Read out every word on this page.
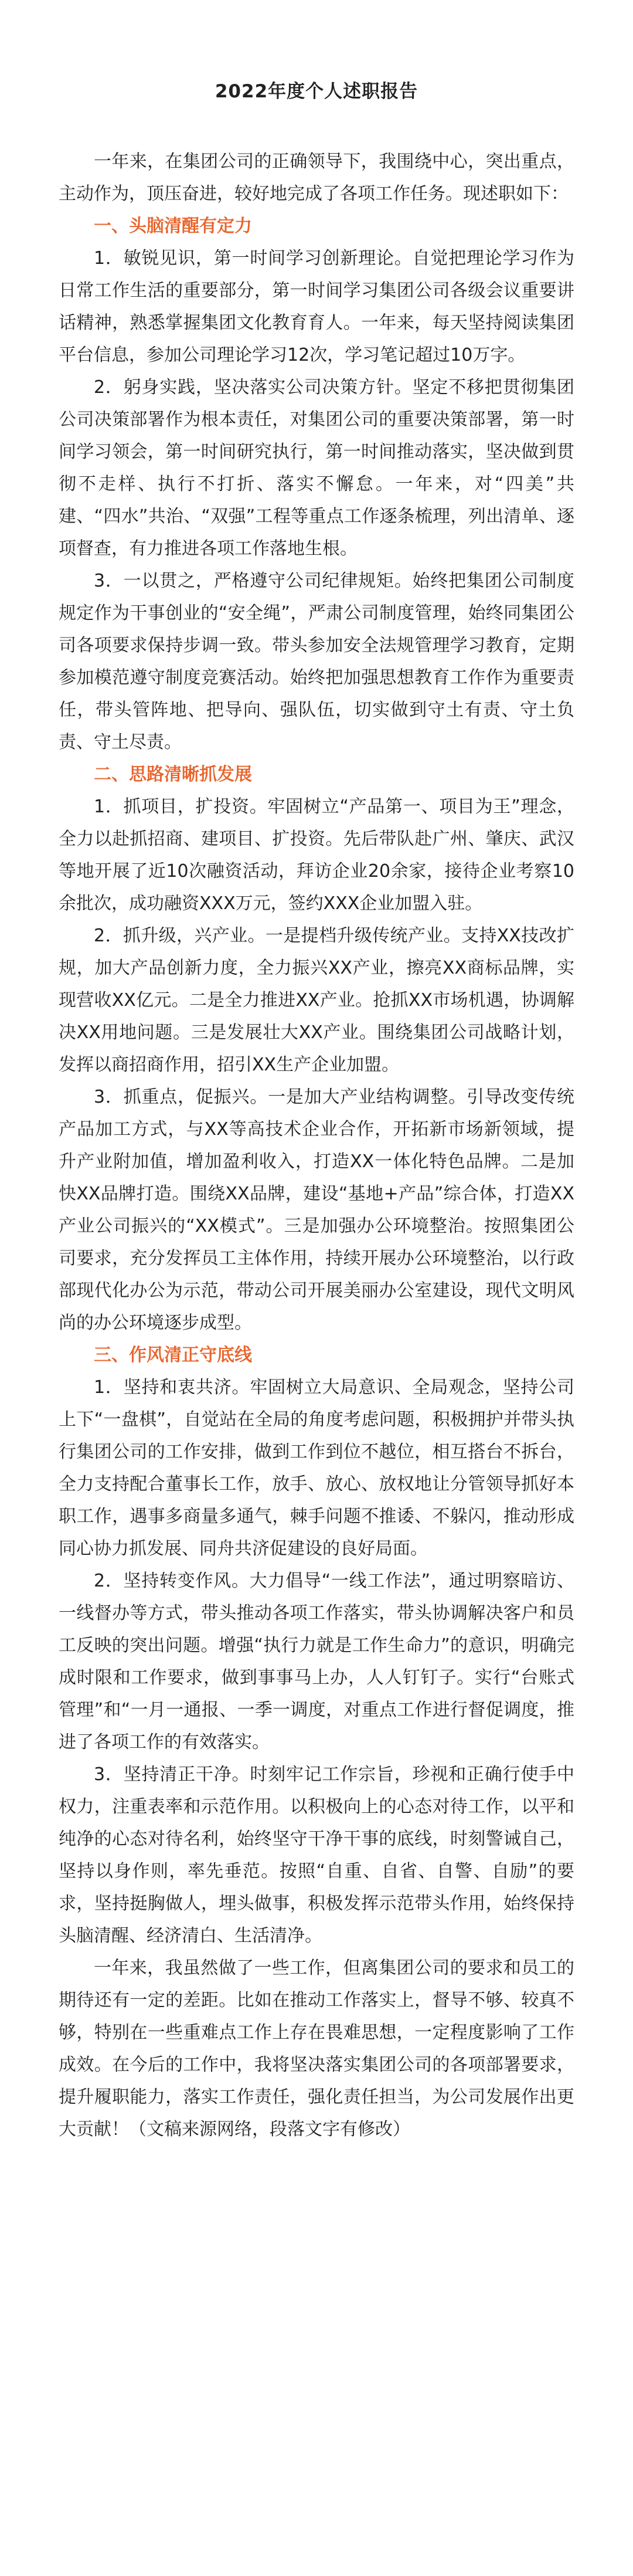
2022年度个人述职报告

一年来，在集团公司的正确领导下，我围绕中心，突出重点，主动作为，顶压奋进，较好地完成了各项工作任务。现述职如下：

一、头脑清醒有定力

1．敏锐见识，第一时间学习创新理论。自觉把理论学习作为日常工作生活的重要部分，第一时间学习集团公司各级会议重要讲话精神，熟悉掌握集团文化教育育人。一年来，每天坚持阅读集团平台信息，参加公司理论学习12次，学习笔记超过10万字。

2．躬身实践，坚决落实公司决策方针。坚定不移把贯彻集团公司决策部署作为根本责任，对集团公司的重要决策部署，第一时间学习领会，第一时间研究执行，第一时间推动落实，坚决做到贯彻不走样、执行不打折、落实不懈怠。一年来，对“四美”共建、“四水”共治、“双强”工程等重点工作逐条梳理，列出清单、逐项督查，有力推进各项工作落地生根。

3．一以贯之，严格遵守公司纪律规矩。始终把集团公司制度规定作为干事创业的“安全绳”，严肃公司制度管理，始终同集团公司各项要求保持步调一致。带头参加安全法规管理学习教育，定期参加模范遵守制度竞赛活动。始终把加强思想教育工作作为重要责任，带头管阵地、把导向、强队伍，切实做到守土有责、守土负责、守土尽责。

二、思路清晰抓发展

1．抓项目，扩投资。牢固树立“产品第一、项目为王”理念，全力以赴抓招商、建项目、扩投资。先后带队赴广州、肇庆、武汉等地开展了近10次融资活动，拜访企业20余家，接待企业考察10余批次，成功融资XXX万元，签约XXX企业加盟入驻。

2．抓升级，兴产业。一是提档升级传统产业。支持XX技改扩规，加大产品创新力度，全力振兴XX产业，擦亮XX商标品牌，实现营收XX亿元。二是全力推进XX产业。抢抓XX市场机遇，协调解决XX用地问题。三是发展壮大XX产业。围绕集团公司战略计划，发挥以商招商作用，招引XX生产企业加盟。

3．抓重点，促振兴。一是加大产业结构调整。引导改变传统产品加工方式，与XX等高技术企业合作，开拓新市场新领域，提升产业附加值，增加盈利收入，打造XX一体化特色品牌。二是加快XX品牌打造。围绕XX品牌，建设“基地+产品”综合体，打造XX产业公司振兴的“XX模式”。三是加强办公环境整治。按照集团公司要求，充分发挥员工主体作用，持续开展办公环境整治，以行政部现代化办公为示范，带动公司开展美丽办公室建设，现代文明风尚的办公环境逐步成型。

三、作风清正守底线

1．坚持和衷共济。牢固树立大局意识、全局观念，坚持公司上下“一盘棋”，自觉站在全局的角度考虑问题，积极拥护并带头执行集团公司的工作安排，做到工作到位不越位，相互搭台不拆台，全力支持配合董事长工作，放手、放心、放权地让分管领导抓好本职工作，遇事多商量多通气，棘手问题不推诿、不躲闪，推动形成同心协力抓发展、同舟共济促建设的良好局面。

2．坚持转变作风。大力倡导“一线工作法”，通过明察暗访、一线督办等方式，带头推动各项工作落实，带头协调解决客户和员工反映的突出问题。增强“执行力就是工作生命力”的意识，明确完成时限和工作要求，做到事事马上办，人人钉钉子。实行“台账式管理”和“一月一通报、一季一调度，对重点工作进行督促调度，推进了各项工作的有效落实。

3．坚持清正干净。时刻牢记工作宗旨，珍视和正确行使手中权力，注重表率和示范作用。以积极向上的心态对待工作，以平和纯净的心态对待名利，始终坚守干净干事的底线，时刻警诫自己，坚持以身作则，率先垂范。按照“自重、自省、自警、自励”的要求，坚持挺胸做人，埋头做事，积极发挥示范带头作用，始终保持头脑清醒、经济清白、生活清净。

一年来，我虽然做了一些工作，但离集团公司的要求和员工的期待还有一定的差距。比如在推动工作落实上，督导不够、较真不够，特别在一些重难点工作上存在畏难思想，一定程度影响了工作成效。在今后的工作中，我将坚决落实集团公司的各项部署要求，提升履职能力，落实工作责任，强化责任担当，为公司发展作出更大贡献！（文稿来源网络，段落文字有修改）
